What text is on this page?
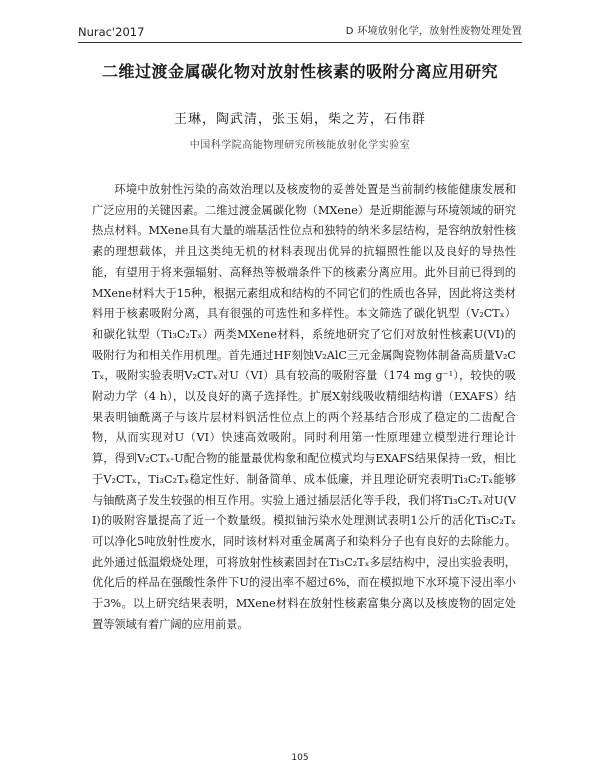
Nurac'2017	D 环境放射化学，放射性废物处理处置
二维过渡金属碳化物对放射性核素的吸附分离应用研究
王琳，陶武清，张玉娟，柴之芳，石伟群
中国科学院高能物理研究所核能放射化学实验室

环境中放射性污染的高效治理以及核废物的妥善处置是当前制约核能健康发展和广泛应用的关键因素。二维过渡金属碳化物（MXene）是近期能源与环境领域的研究热点材料。MXene具有大量的端基活性位点和独特的纳米多层结构，是容纳放射性核素的理想载体，并且这类纯无机的材料表现出优异的抗辐照性能以及良好的导热性能，有望用于将来强辐射、高释热等极端条件下的核素分离应用。此外目前已得到的MXene材料大于15种，根据元素组成和结构的不同它们的性质也各异，因此将这类材料用于核素吸附分离，具有很强的可选性和多样性。本文筛选了碳化钒型（V₂CTₓ）和碳化钛型（Ti₃C₂Tₓ）两类MXene材料，系统地研究了它们对放射性核素U(VI)的吸附行为和相关作用机理。首先通过HF刻蚀V₂AlC三元金属陶瓷物体制备高质量V₂CTₓ，吸附实验表明V₂CTₓ对U（VI）具有较高的吸附容量（174 mg g⁻¹），较快的吸附动力学（4 h），以及良好的离子选择性。扩展X射线吸收精细结构谱（EXAFS）结果表明铀酰离子与该片层材料钒活性位点上的两个羟基结合形成了稳定的二齿配合物，从而实现对U（VI）快速高效吸附。同时利用第一性原理建立模型进行理论计算，得到V₂CTₓ-U配合物的能量最优构象和配位模式均与EXAFS结果保持一致，相比于V₂CTₓ，Ti₃C₂Tₓ稳定性好、制备简单、成本低廉，并且理论研究表明Ti₃C₂Tₓ能够与铀酰离子发生较强的相互作用。实验上通过插层活化等手段，我们将Ti₃C₂Tₓ对U(VI)的吸附容量提高了近一个数量级。模拟铀污染水处理测试表明1公斤的活化Ti₃C₂Tₓ可以净化5吨放射性废水，同时该材料对重金属离子和染料分子也有良好的去除能力。此外通过低温煅烧处理，可将放射性核素固封在Ti₃C₂Tₓ多层结构中，浸出实验表明，优化后的样品在强酸性条件下U的浸出率不超过6%，而在模拟地下水环境下浸出率小于3%。以上研究结果表明，MXene材料在放射性核素富集分离以及核废物的固定处置等领域有着广阔的应用前景。

105
